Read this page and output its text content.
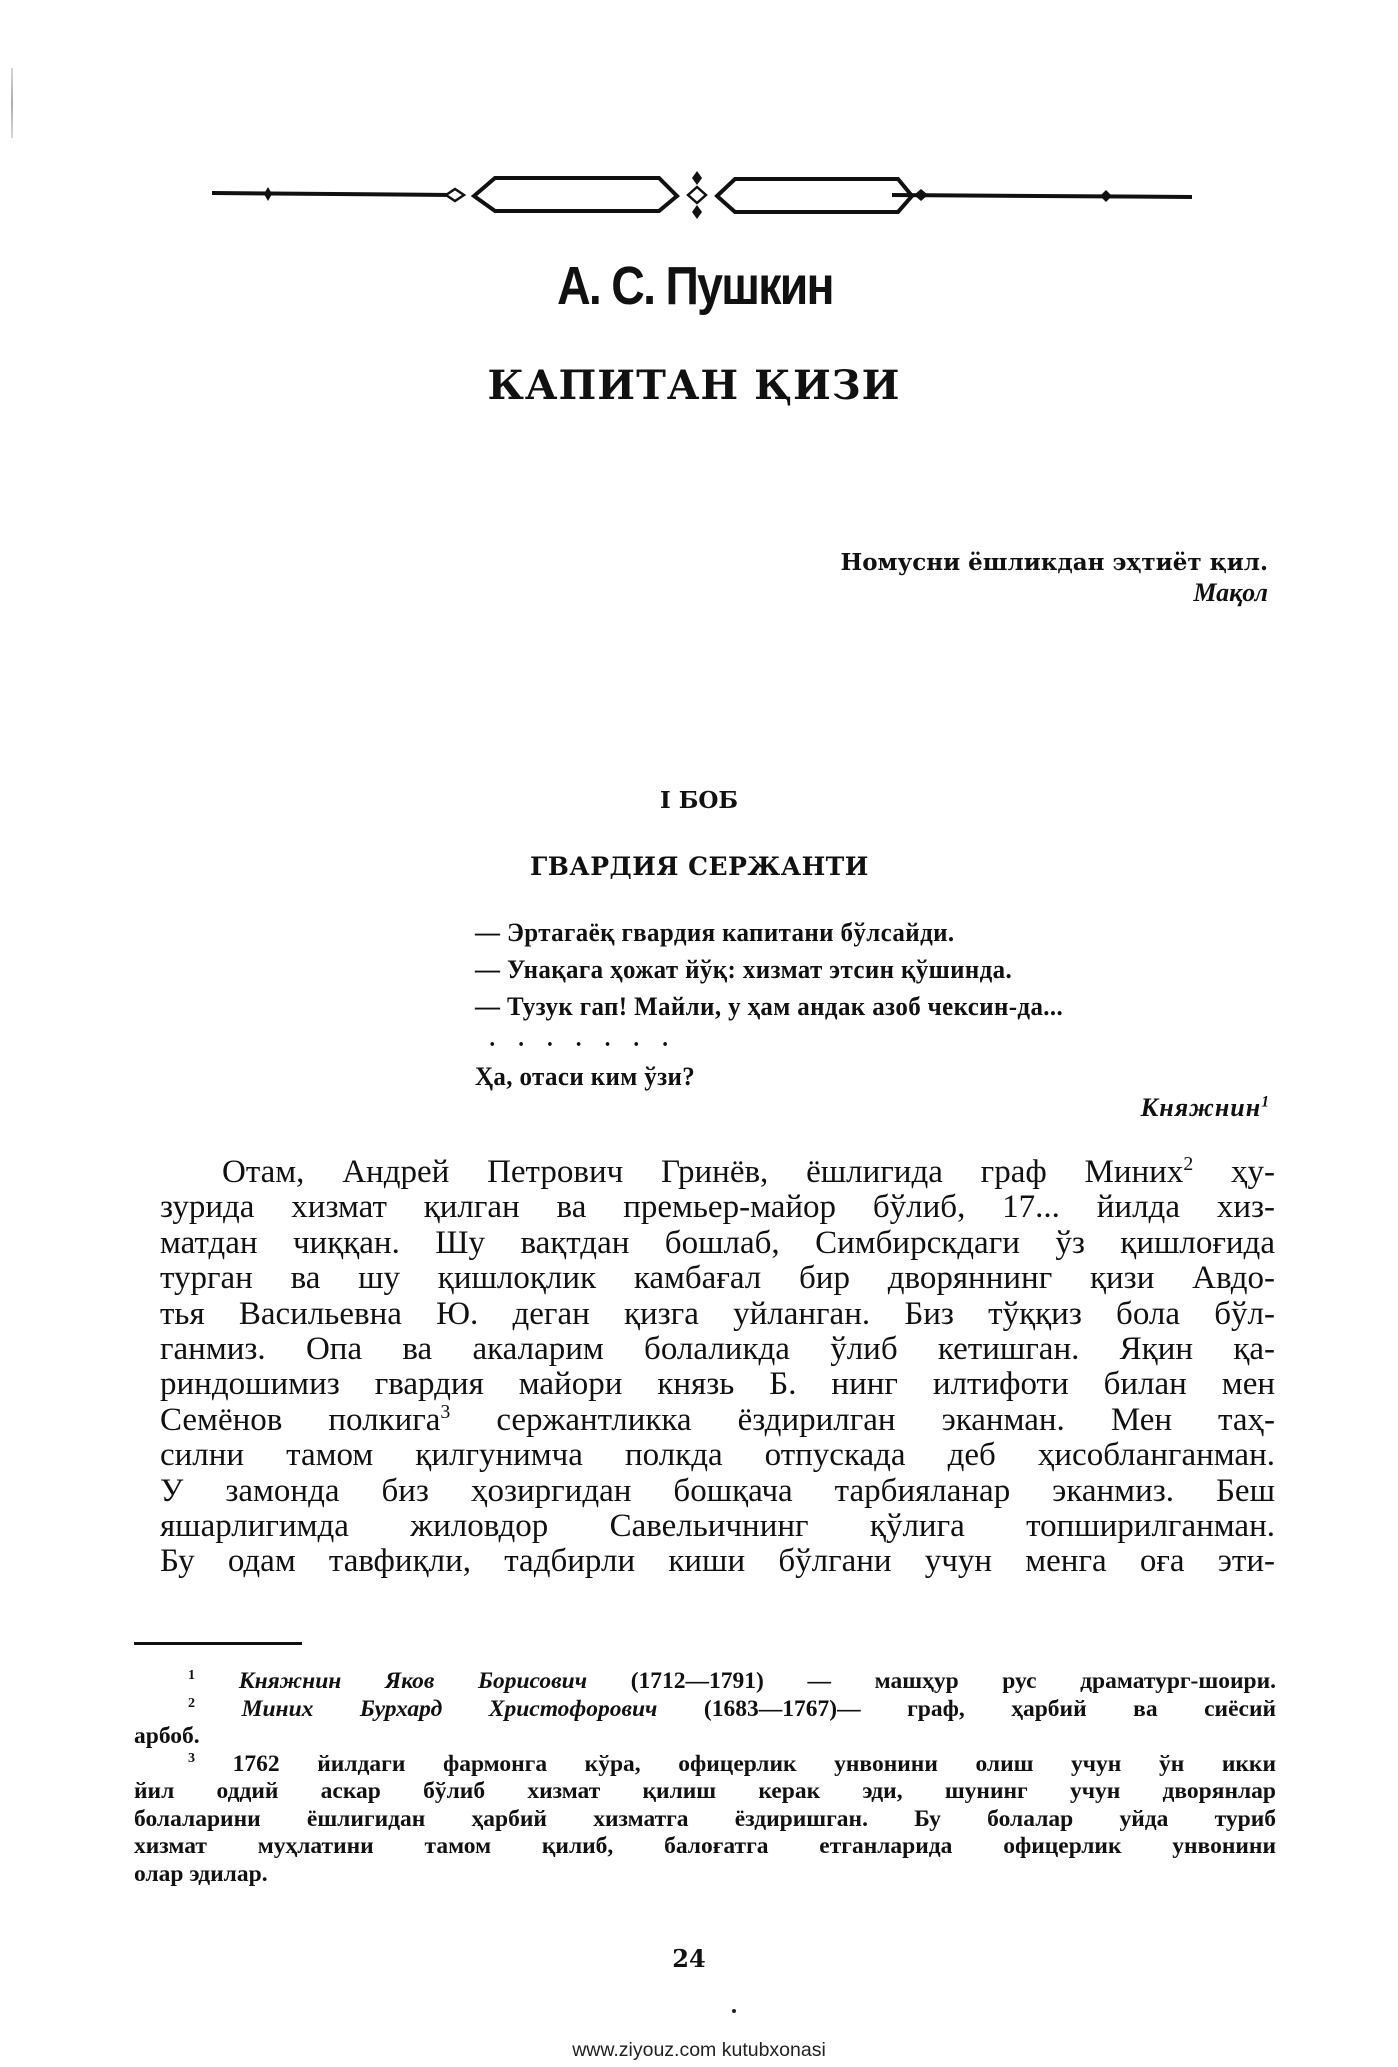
А. С. Пушкин
КАПИТАН ҚИЗИ
Номусни ёшликдан эҳтиёт қил.
Мақол
I БОБ
ГВАРДИЯ СЕРЖАНТИ
— Эртагаёқ гвардия капитани бўлсайди.
— Унақага ҳожат йўқ: хизмат этсин қўшинда.
— Тузук гап! Майли, у ҳам андак азоб чексин-да...
. . . . . . .
Ҳа, отаси ким ўзи?
Княжнин$^1$
Отам, Андрей Петрович Гринёв, ёшлигида граф Миних$^2$ ҳу-
зурида хизмат қилган ва премьер-майор бўлиб, 17... йилда хиз-
матдан чиққан. Шу вақтдан бошлаб, Симбирскдаги ўз қишлоғида
турган ва шу қишлоқлик камбағал бир дворяннинг қизи Авдо-
тья Васильевна Ю. деган қизга уйланган. Биз тўққиз бола бўл-
ганмиз. Опа ва акаларим болаликда ўлиб кетишган. Яқин қа-
риндошимиз гвардия майори князь Б. нинг илтифоти билан мен
Семёнов полкига$^3$ сержантликка ёздирилган эканман. Мен таҳ-
силни тамом қилгунимча полкда отпускада деб ҳисобланганман.
У замонда биз ҳозиргидан бошқача тарбияланар эканмиз. Беш
яшарлигимда жиловдор Савельичнинг қўлига топширилганман.
Бу одам тавфиқли, тадбирли киши бўлгани учун менга оға эти-
$^1$ Княжнин Яков Борисович (1712—1791) — машҳур рус драматург-шоири.
$^2$ Миних Бурхард Христофорович (1683—1767)— граф, ҳарбий ва сиёсий
арбоб.
$^3$ 1762 йилдаги фармонга кўра, офицерлик унвонини олиш учун ўн икки
йил оддий аскар бўлиб хизмат қилиш керак эди, шунинг учун дворянлар
болаларини ёшлигидан ҳарбий хизматга ёздиришган. Бу болалар уйда туриб
хизмат муҳлатини тамом қилиб, балоғатга етганларида офицерлик унвонини
олар эдилар.
24
www.ziyouz.com kutubxonasi
